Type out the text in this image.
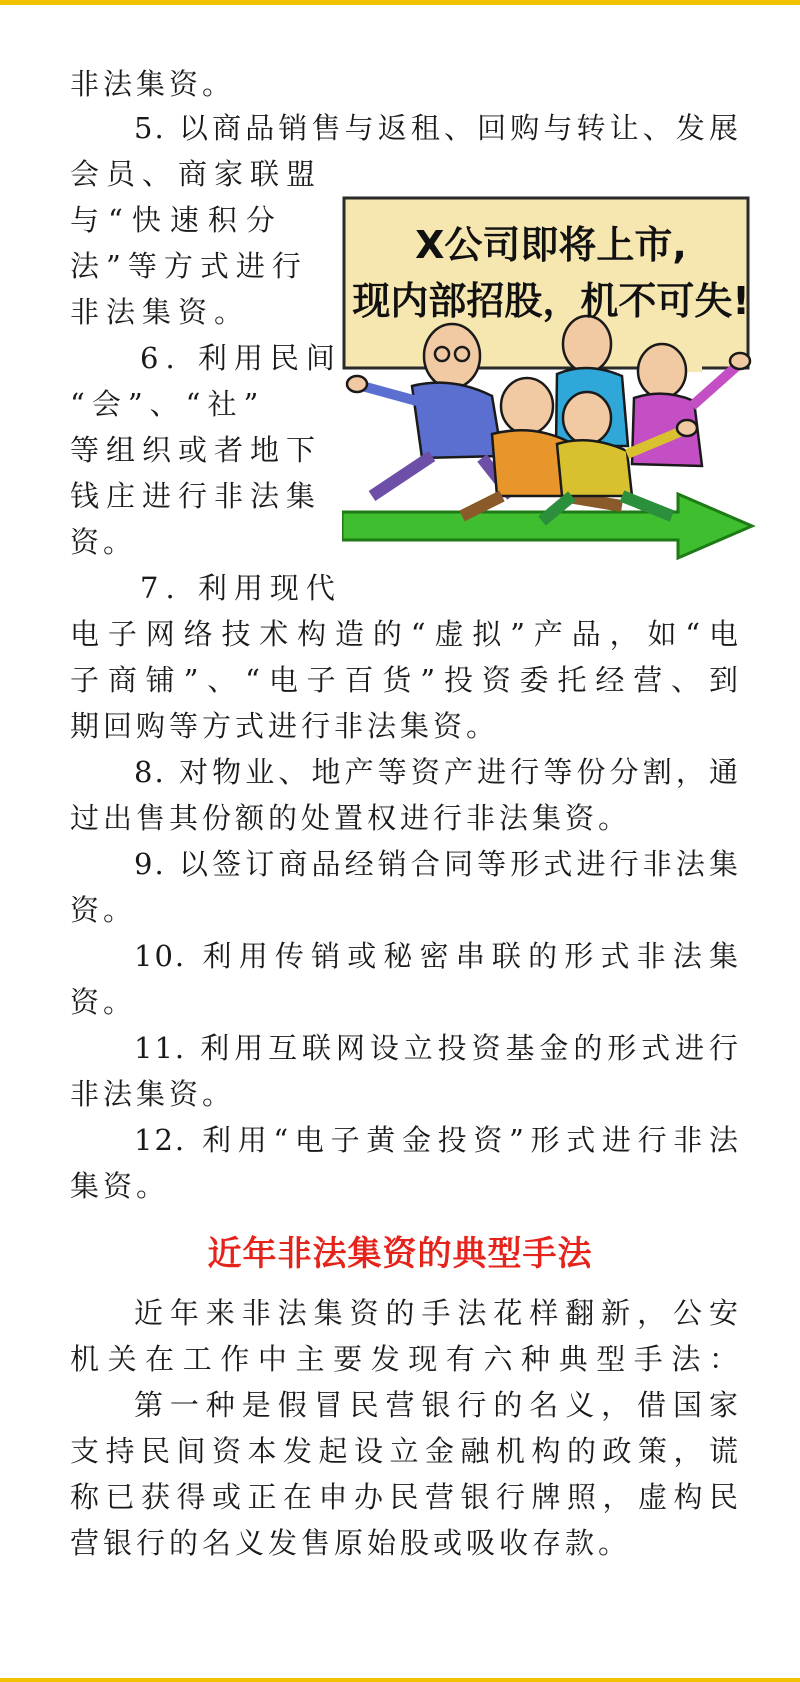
非法集资。
5. 以商品销售与返租、回购与转让、发展
会员、商家联盟
与“快速积分
法”等方式进行
非法集资。
6. 利用民间
“会”、“社”
等组织或者地下
钱庄进行非法集
资。
7. 利用现代
电子网络技术构造的“虚拟”产品，如“电
子商铺”、“电子百货”投资委托经营、到
期回购等方式进行非法集资。
8. 对物业、地产等资产进行等份分割，通
过出售其份额的处置权进行非法集资。
9. 以签订商品经销合同等形式进行非法集
资。
10. 利用传销或秘密串联的形式非法集
资。
11. 利用互联网设立投资基金的形式进行
非法集资。
12. 利用“电子黄金投资”形式进行非法
集资。
近年非法集资的典型手法
近年来非法集资的手法花样翻新，公安
机关在工作中主要发现有六种典型手法：
第一种是假冒民营银行的名义，借国家
支持民间资本发起设立金融机构的政策，谎
称已获得或正在申办民营银行牌照，虚构民
营银行的名义发售原始股或吸收存款。
X公司即将上市,
现内部招股，机不可失!
